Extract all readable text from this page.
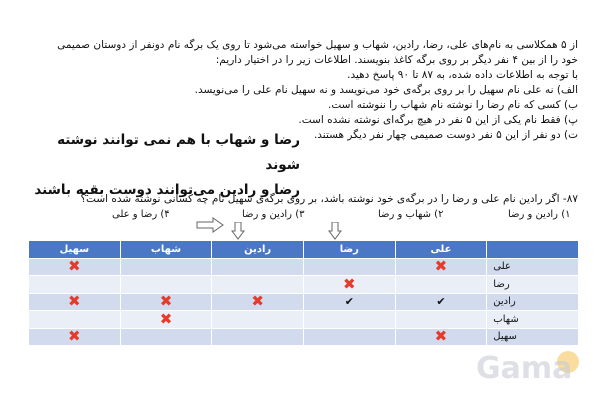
از ۵ همکلاسی به نام‌های علی، رضا، رادین، شهاب و سهیل خواسته می‌شود تا روی یک برگه نام دونفر از دوستان صمیمی
خود را از بین ۴ نفر دیگر بر روی برگه کاغذ بنویسند. اطلاعات زیر را در اختیار داریم:
با توجه به اطلاعات داده شده، به ۸۷ تا ۹۰ پاسخ دهید.
الف) نه علی نام سهیل را بر روی برگه‌ی خود می‌نویسد و نه سهیل نام علی را می‌نویسد.
ب) کسی که نام رضا را نوشته نام شهاب را ننوشته است.
پ) فقط نام یکی از این ۵ نفر در هیچ برگه‌ای نوشته نشده است.
ت) دو نفر از این ۵ نفر دوست صمیمی چهار نفر دیگر هستند.
رضا و شهاب با هم نمی توانند نوشته شوند
رضا و رادین می‌توانند دوست بقیه باشند
۸۷- اگر رادین نام علی و رضا را در برگه‌ی خود نوشته باشد، بر روی برگه‌ی سهیل نام چه کسانی نوشته شده است؟
۱) رادین و رضا
۲) شهاب و رضا
۳) رادین و رضا
۴) رضا و علی
سهیل	شهاب	رادین	رضا	علی	
✖				✖	علی
			✖		رضا
✖	✖	✖	✔	✔	رادین
	✖				شهاب
✖				✖	سهیل
Gama
